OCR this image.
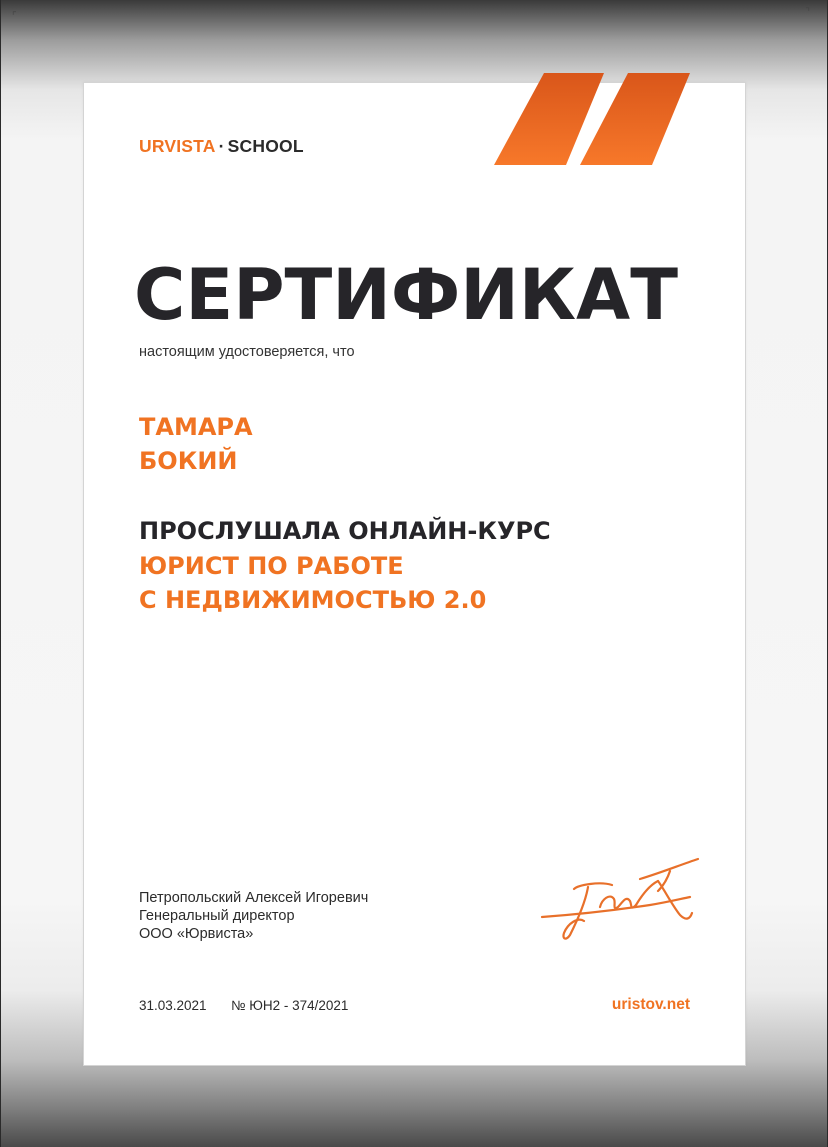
⌜	⌝
URVISTA · SCHOOL
СЕРТИФИКАТ
настоящим удостоверяется, что
ТАМАРА
БОКИЙ
ПРОСЛУШАЛА ОНЛАЙН-КУРС
ЮРИСТ ПО РАБОТЕ
С НЕДВИЖИМОСТЬЮ 2.0
Петропольский Алексей Игоревич
Генеральный директор
ООО «Юрвиста»
31.03.2021 № ЮН2 - 374/2021	uristov.net
